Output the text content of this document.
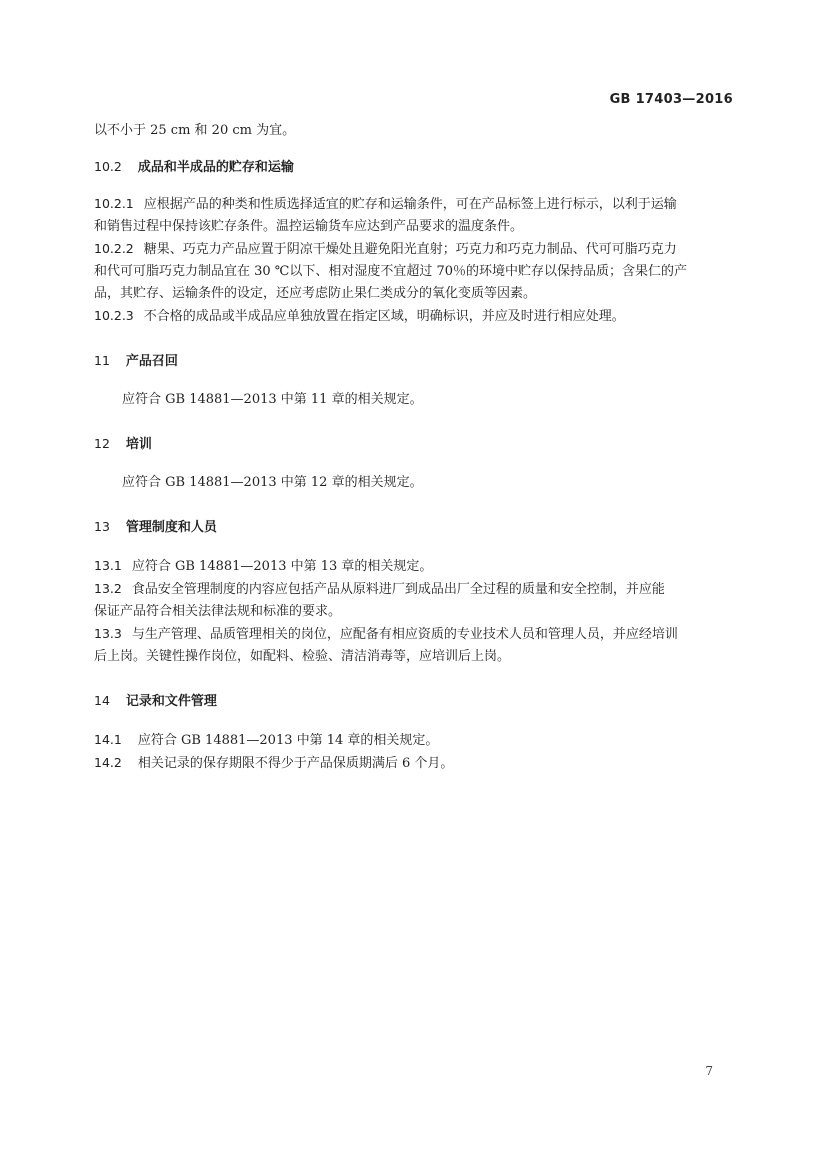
GB 17403—2016
以不小于 25 cm 和 20 cm 为宜。
10.2 成品和半成品的贮存和运输
10.2.1 应根据产品的种类和性质选择适宜的贮存和运输条件，可在产品标签上进行标示，以利于运输
和销售过程中保持该贮存条件。温控运输货车应达到产品要求的温度条件。
10.2.2 糖果、巧克力产品应置于阴凉干燥处且避免阳光直射；巧克力和巧克力制品、代可可脂巧克力
和代可可脂巧克力制品宜在 30 ℃以下、相对湿度不宜超过 70％的环境中贮存以保持品质；含果仁的产
品，其贮存、运输条件的设定，还应考虑防止果仁类成分的氧化变质等因素。
10.2.3 不合格的成品或半成品应单独放置在指定区域，明确标识，并应及时进行相应处理。
11 产品召回
应符合 GB 14881—2013 中第 11 章的相关规定。
12 培训
应符合 GB 14881—2013 中第 12 章的相关规定。
13 管理制度和人员
13.1 应符合 GB 14881—2013 中第 13 章的相关规定。
13.2 食品安全管理制度的内容应包括产品从原料进厂到成品出厂全过程的质量和安全控制，并应能
保证产品符合相关法律法规和标准的要求。
13.3 与生产管理、品质管理相关的岗位，应配备有相应资质的专业技术人员和管理人员，并应经培训
后上岗。关键性操作岗位，如配料、检验、清洁消毒等，应培训后上岗。
14 记录和文件管理
14.1 应符合 GB 14881—2013 中第 14 章的相关规定。
14.2 相关记录的保存期限不得少于产品保质期满后 6 个月。
7
